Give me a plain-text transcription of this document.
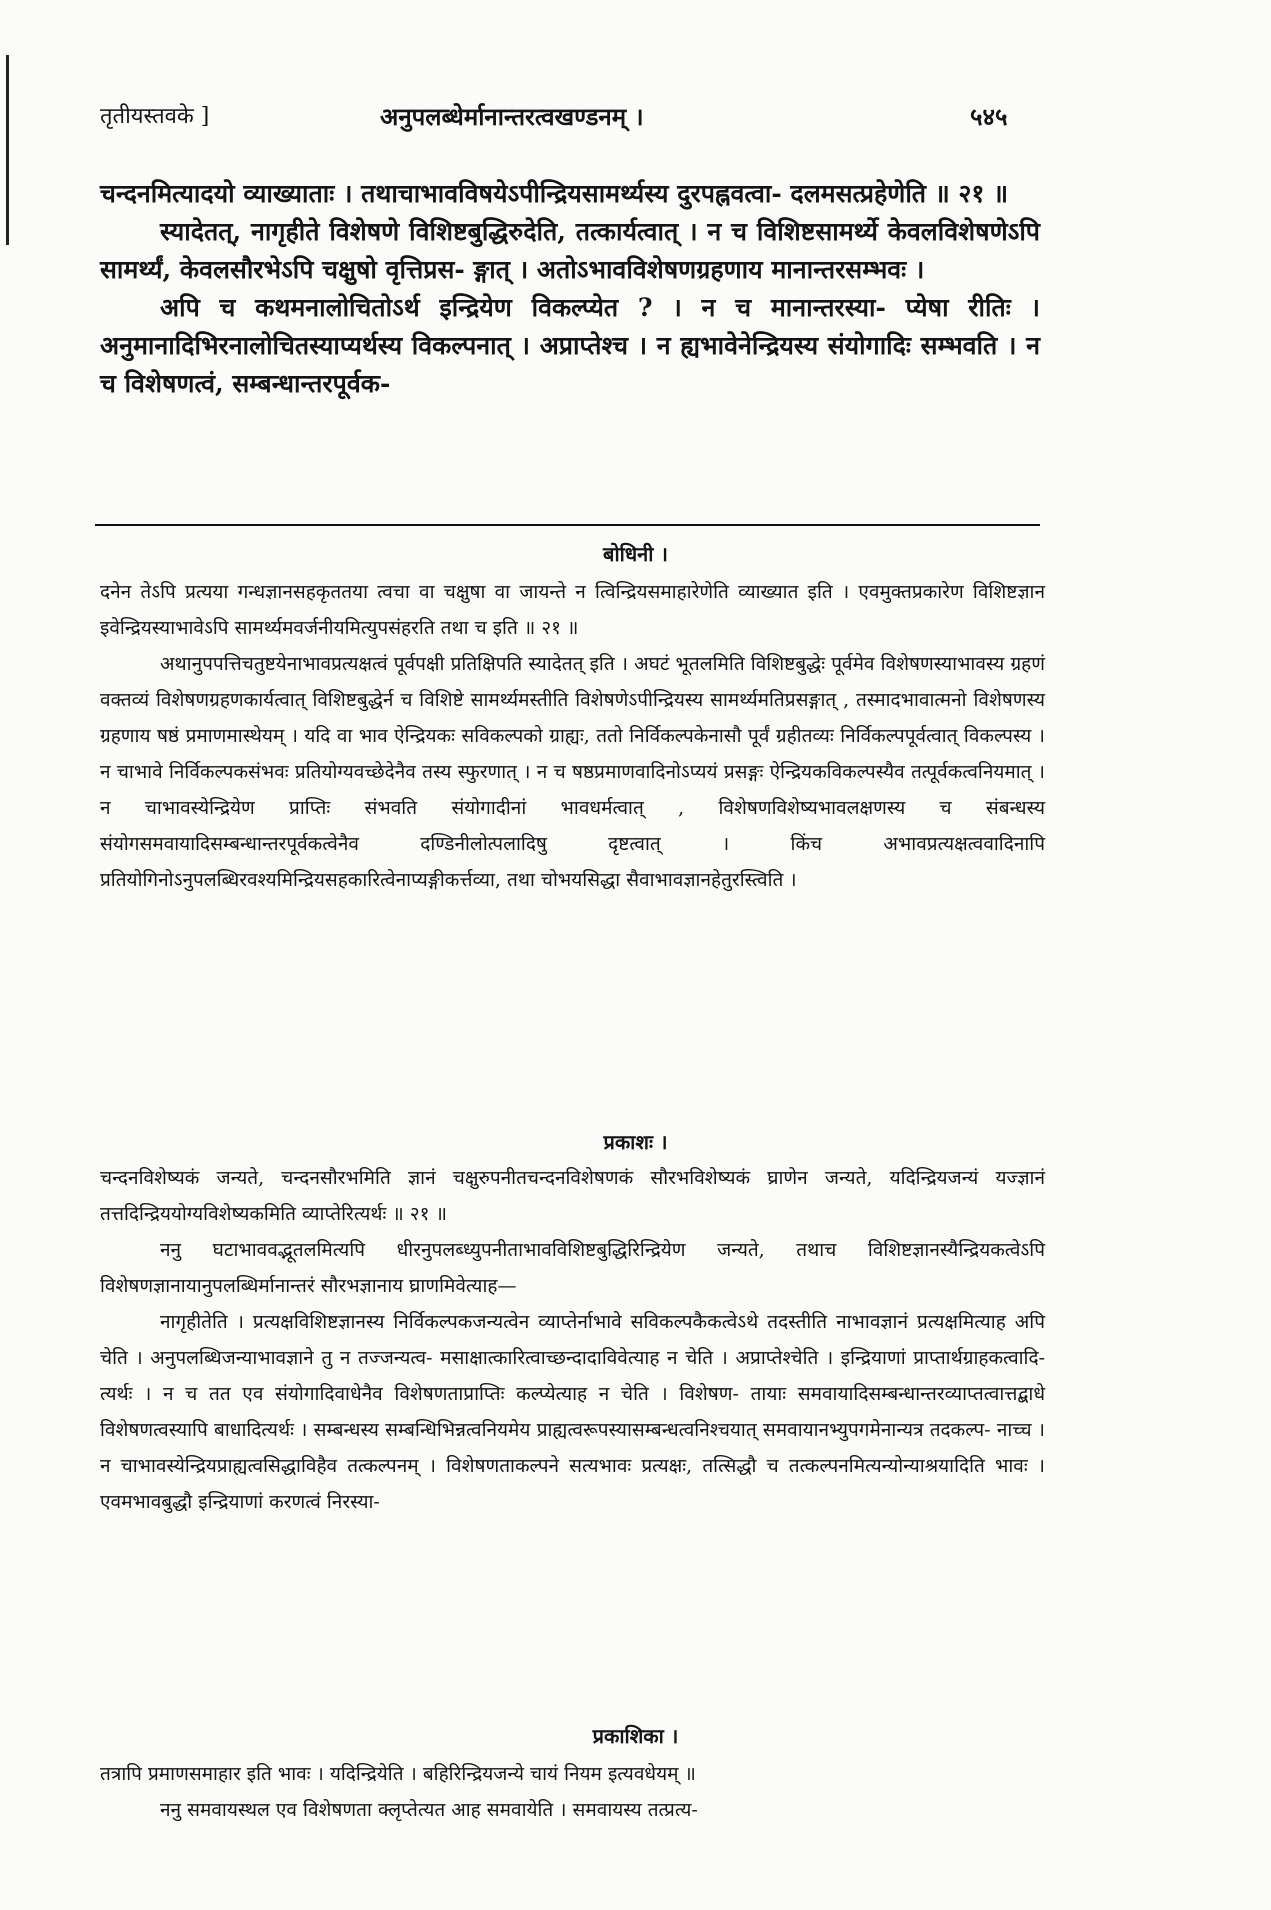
तृतीयस्तवके ]	अनुपलब्धेर्मानान्तरत्वखण्डनम् ।	५४५

चन्दनमित्यादयो व्याख्याताः । तथाचाभावविषयेऽपीन्द्रियसामर्थ्यस्य दुरपह्नवत्वा- दलमसत्प्रहेणेति ॥ २१ ॥

स्यादेतत्, नागृहीते विशेषणे विशिष्टबुद्धिरुदेति, तत्कार्यत्वात् । न च विशिष्टसामर्थ्ये केवलविशेषणेऽपि सामर्थ्यं, केवलसौरभेऽपि चक्षुषो वृत्तिप्रस- ङ्गात् । अतोऽभावविशेषणग्रहणाय मानान्तरसम्भवः ।

अपि च कथमनालोचितोऽर्थ इन्द्रियेण विकल्प्येत ? । न च मानान्तरस्या- प्येषा रीतिः । अनुमानादिभिरनालोचितस्याप्यर्थस्य विकल्पनात् । अप्राप्तेश्च । न ह्यभावेनेन्द्रियस्य संयोगादिः सम्भवति । न च विशेषणत्वं, सम्बन्धान्तरपूर्वक-

बोधिनी ।

दनेन तेऽपि प्रत्यया गन्धज्ञानसहकृततया त्वचा वा चक्षुषा वा जायन्ते न त्विन्द्रियसमाहारेणेति व्याख्यात इति । एवमुक्तप्रकारेण विशिष्टज्ञान इवेन्द्रियस्याभावेऽपि सामर्थ्यमवर्जनीयमित्युपसंहरति तथा च इति ॥ २१ ॥

अथानुपपत्तिचतुष्टयेनाभावप्रत्यक्षत्वं पूर्वपक्षी प्रतिक्षिपति स्यादेतत् इति । अघटं भूतलमिति विशिष्टबुद्धेः पूर्वमेव विशेषणस्याभावस्य ग्रहणं वक्तव्यं विशेषणग्रहणकार्यत्वात् विशिष्टबुद्धेर्न च विशिष्टे सामर्थ्यमस्तीति विशेषणेऽपीन्द्रियस्य सामर्थ्यमतिप्रसङ्गात् , तस्मादभावात्मनो विशेषणस्य ग्रहणाय षष्ठं प्रमाणमास्थेयम् । यदि वा भाव ऐन्द्रियकः सविकल्पको ग्राह्यः, ततो निर्विकल्पकेनासौ पूर्वं ग्रहीतव्यः निर्विकल्पपूर्वत्वात् विकल्पस्य । न चाभावे निर्विकल्पकसंभवः प्रतियोग्यवच्छेदेनैव तस्य स्फुरणात् । न च षष्ठप्रमाणवादिनोऽप्ययं प्रसङ्गः ऐन्द्रियकविकल्पस्यैव तत्पूर्वकत्वनियमात् । न चाभावस्येन्द्रियेण प्राप्तिः संभवति संयोगादीनां भावधर्मत्वात् , विशेषणविशेष्यभावलक्षणस्य च संबन्धस्य संयोगसमवायादिसम्बन्धान्तरपूर्वकत्वेनैव दण्डिनीलोत्पलादिषु दृष्टत्वात् । किंच अभावप्रत्यक्षत्ववादिनापि प्रतियोगिनोऽनुपलब्धिरवश्यमिन्द्रियसहकारित्वेनाप्यङ्गीकर्त्तव्या, तथा चोभयसिद्धा सैवाभावज्ञानहेतुरस्त्विति ।

प्रकाशः ।

चन्दनविशेष्यकं जन्यते, चन्दनसौरभमिति ज्ञानं चक्षुरुपनीतचन्दनविशेषणकं सौरभविशेष्यकं घ्राणेन जन्यते, यदिन्द्रियजन्यं यज्ज्ञानं तत्तदिन्द्रिययोग्यविशेष्यकमिति व्याप्तेरित्यर्थः ॥ २१ ॥

ननु घटाभाववद्भूतलमित्यपि धीरनुपलब्ध्युपनीताभावविशिष्टबुद्धिरिन्द्रियेण जन्यते, तथाच विशिष्टज्ञानस्यैन्द्रियकत्वेऽपि विशेषणज्ञानायानुपलब्धिर्मानान्तरं सौरभज्ञानाय घ्राणमिवेत्याह—

नागृहीतेति । प्रत्यक्षविशिष्टज्ञानस्य निर्विकल्पकजन्यत्वेन व्याप्तेर्नाभावे सविकल्पकैकत्वेऽथे तदस्तीति नाभावज्ञानं प्रत्यक्षमित्याह अपि चेति । अनुपलब्धिजन्याभावज्ञाने तु न तज्जन्यत्व- मसाक्षात्कारित्वाच्छन्दादाविवेत्याह न चेति । अप्राप्तेश्चेति । इन्द्रियाणां प्राप्तार्थग्राहकत्वादि- त्यर्थः । न च तत एव संयोगादिवाधेनैव विशेषणताप्राप्तिः कल्प्येत्याह न चेति । विशेषण- तायाः समवायादिसम्बन्धान्तरव्याप्तत्वात्तद्बाधे विशेषणत्वस्यापि बाधादित्यर्थः । सम्बन्धस्य सम्बन्धिभिन्नत्वनियमेय प्राह्यत्वरूपस्यासम्बन्धत्वनिश्चयात् समवायानभ्युपगमेनान्यत्र तदकल्प- नाच्च । न चाभावस्येन्द्रियप्राह्यत्वसिद्धाविहैव तत्कल्पनम् । विशेषणताकल्पने सत्यभावः प्रत्यक्षः, तत्सिद्धौ च तत्कल्पनमित्यन्योन्याश्रयादिति भावः । एवमभावबुद्धौ इन्द्रियाणां करणत्वं निरस्या-

प्रकाशिका ।

तत्रापि प्रमाणसमाहार इति भावः । यदिन्द्रियेति । बहिरिन्द्रियजन्ये चायं नियम इत्यवधेयम् ॥

ननु समवायस्थल एव विशेषणता क्लृप्तेत्यत आह समवायेति । समवायस्य तत्प्रत्य-
